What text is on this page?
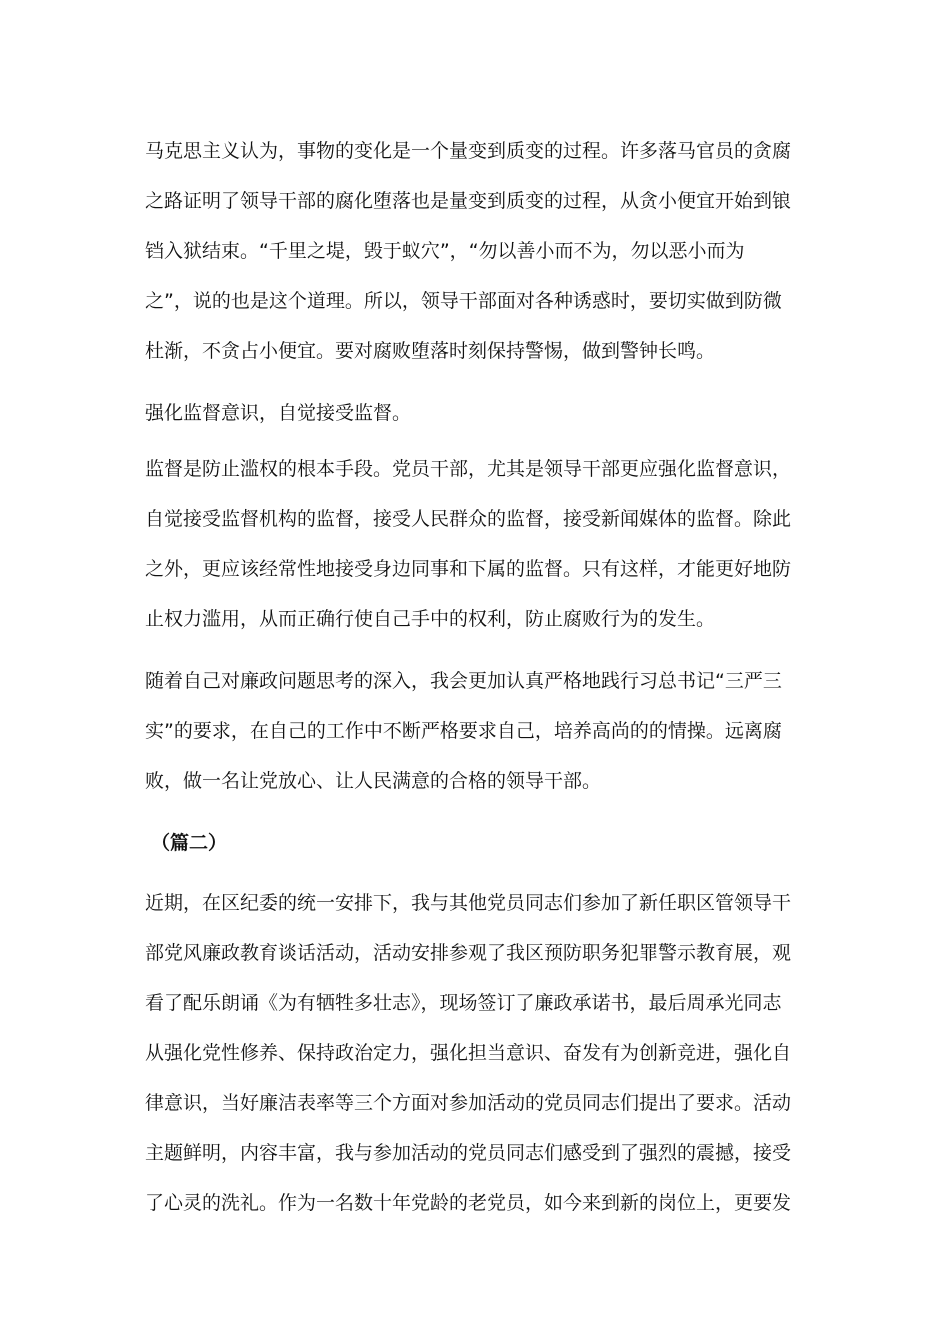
马克思主义认为，事物的变化是一个量变到质变的过程。许多落马官员的贪腐
之路证明了领导干部的腐化堕落也是量变到质变的过程，从贪小便宜开始到锒
铛入狱结束。“千里之堤，毁于蚁穴”，“勿以善小而不为，勿以恶小而为
之”，说的也是这个道理。所以，领导干部面对各种诱惑时，要切实做到防微
杜渐，不贪占小便宜。要对腐败堕落时刻保持警惕，做到警钟长鸣。

强化监督意识，自觉接受监督。

监督是防止滥权的根本手段。党员干部，尤其是领导干部更应强化监督意识，
自觉接受监督机构的监督，接受人民群众的监督，接受新闻媒体的监督。除此
之外，更应该经常性地接受身边同事和下属的监督。只有这样，才能更好地防
止权力滥用，从而正确行使自己手中的权利，防止腐败行为的发生。

随着自己对廉政问题思考的深入，我会更加认真严格地践行习总书记“三严三
实”的要求，在自己的工作中不断严格要求自己，培养高尚的的情操。远离腐
败，做一名让党放心、让人民满意的合格的领导干部。

（篇二）

近期，在区纪委的统一安排下，我与其他党员同志们参加了新任职区管领导干
部党风廉政教育谈话活动，活动安排参观了我区预防职务犯罪警示教育展，观
看了配乐朗诵《为有牺牲多壮志》，现场签订了廉政承诺书，最后周承光同志
从强化党性修养、保持政治定力，强化担当意识、奋发有为创新竞进，强化自
律意识，当好廉洁表率等三个方面对参加活动的党员同志们提出了要求。活动
主题鲜明，内容丰富，我与参加活动的党员同志们感受到了强烈的震撼，接受
了心灵的洗礼。作为一名数十年党龄的老党员，如今来到新的岗位上，更要发
